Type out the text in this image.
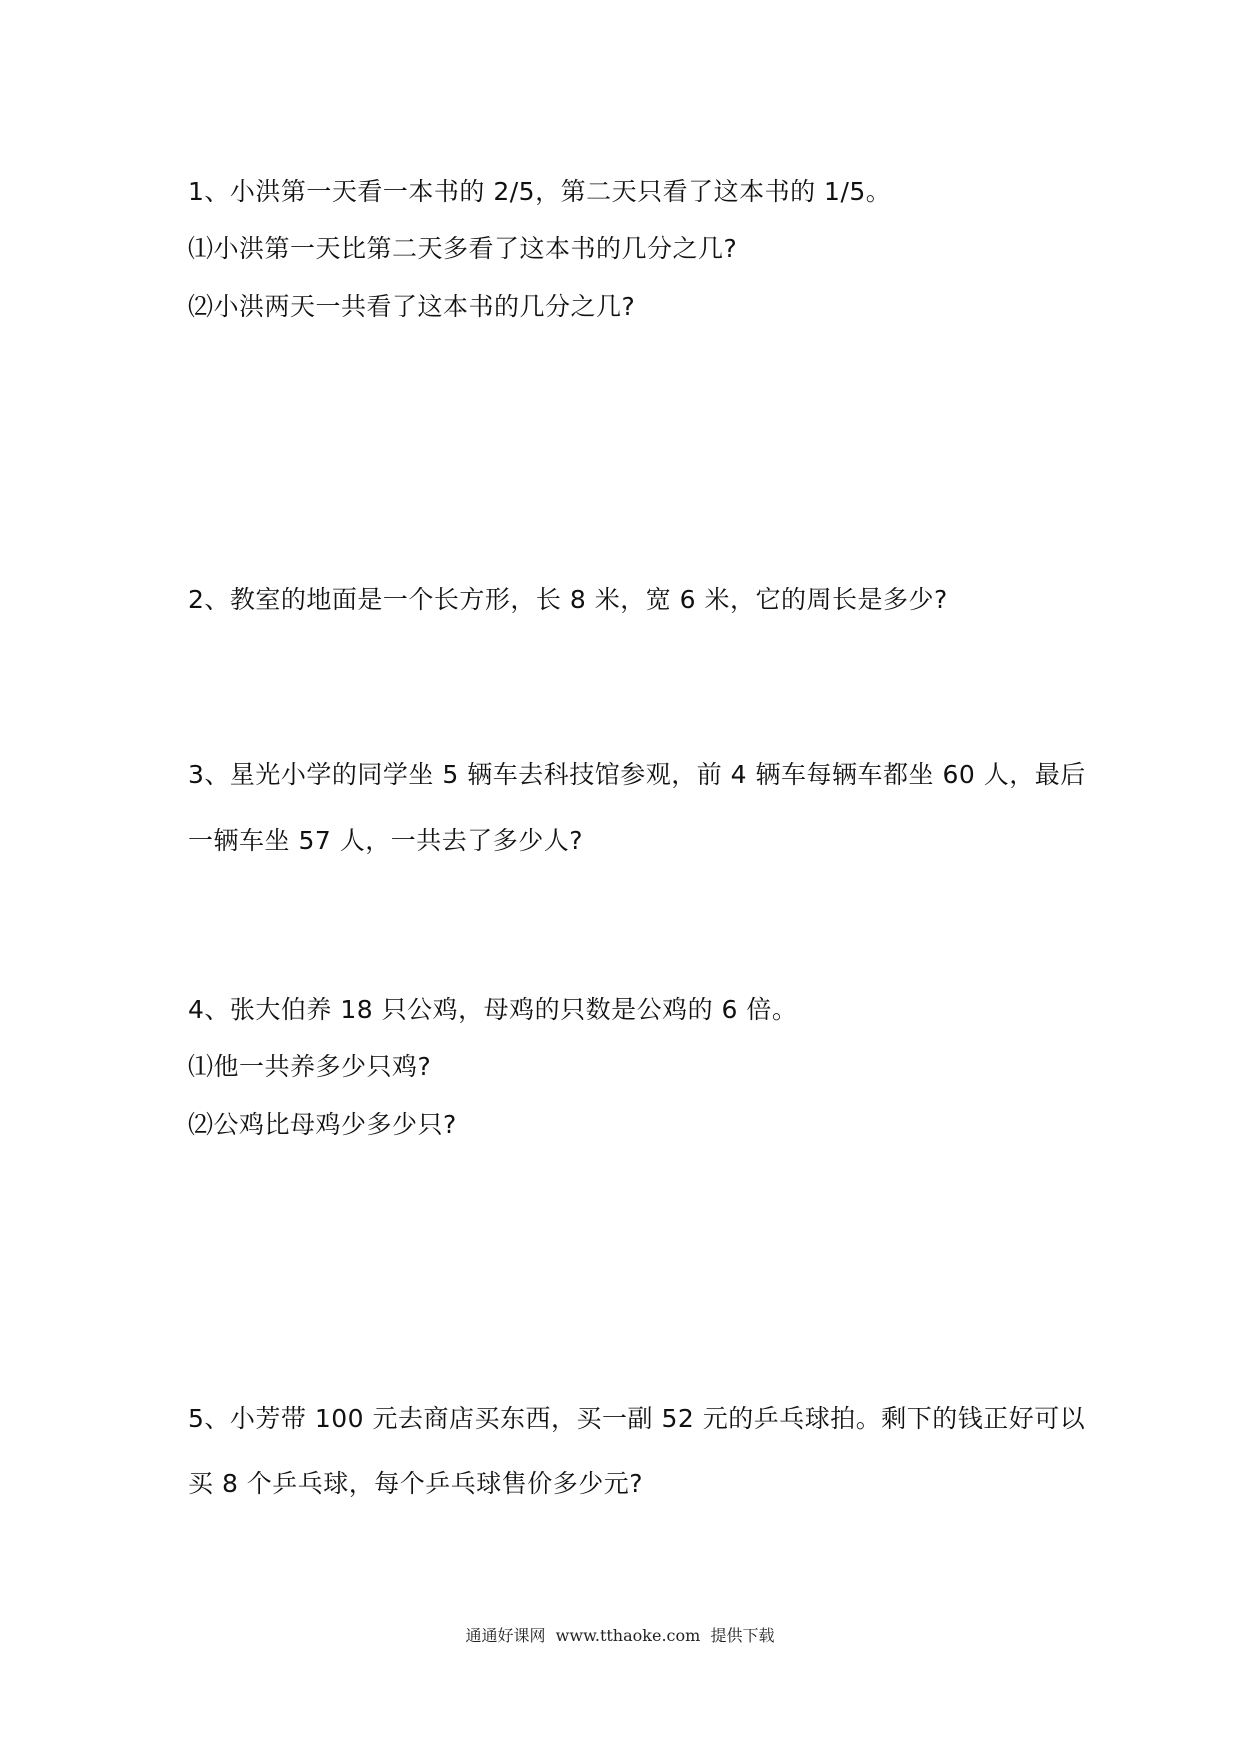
1、小洪第一天看一本书的 2/5，第二天只看了这本书的 1/5。
⑴小洪第一天比第二天多看了这本书的几分之几?
⑵小洪两天一共看了这本书的几分之几?
2、教室的地面是一个长方形，长 8 米，宽 6 米，它的周长是多少?
3、星光小学的同学坐 5 辆车去科技馆参观，前 4 辆车每辆车都坐 60 人，最后
一辆车坐 57 人，一共去了多少人?
4、张大伯养 18 只公鸡，母鸡的只数是公鸡的 6 倍。
⑴他一共养多少只鸡?
⑵公鸡比母鸡少多少只?
5、小芳带 100 元去商店买东西，买一副 52 元的乒乓球拍。剩下的钱正好可以
买 8 个乒乓球，每个乒乓球售价多少元?
通通好课网  www.tthaoke.com  提供下载
